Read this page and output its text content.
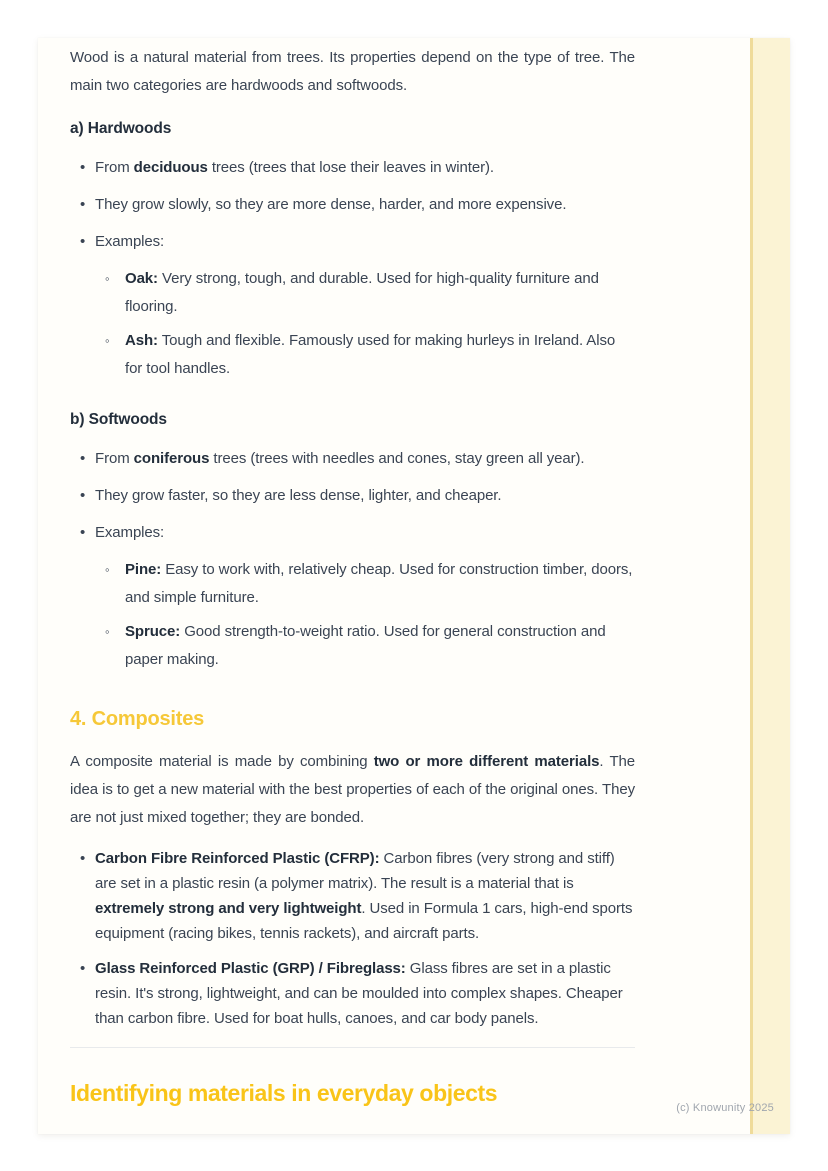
Wood is a natural material from trees. Its properties depend on the type of tree. The main two categories are hardwoods and softwoods.

a) Hardwoods
• From deciduous trees (trees that lose their leaves in winter).
• They grow slowly, so they are more dense, harder, and more expensive.
• Examples:
◦	Oak: Very strong, tough, and durable. Used for high-quality furniture and flooring.
◦	Ash: Tough and flexible. Famously used for making hurleys in Ireland. Also for tool handles.
b) Softwoods
• From coniferous trees (trees with needles and cones, stay green all year).
• They grow faster, so they are less dense, lighter, and cheaper.
• Examples:
◦	Pine: Easy to work with, relatively cheap. Used for construction timber, doors, and simple furniture.
◦	Spruce: Good strength-to-weight ratio. Used for general construction and paper making.
4. Composites

A composite material is made by combining two or more different materials. The idea is to get a new material with the best properties of each of the original ones. They are not just mixed together; they are bonded.

• Carbon Fibre Reinforced Plastic (CFRP): Carbon fibres (very strong and stiff) are set in a plastic resin (a polymer matrix). The result is a material that is extremely strong and very lightweight. Used in Formula 1 cars, high-end sports equipment (racing bikes, tennis rackets), and aircraft parts.
• Glass Reinforced Plastic (GRP) / Fibreglass: Glass fibres are set in a plastic resin. It's strong, lightweight, and can be moulded into complex shapes. Cheaper than carbon fibre. Used for boat hulls, canoes, and car body panels.
Identifying materials in everyday objects
(c) Knowunity 2025
